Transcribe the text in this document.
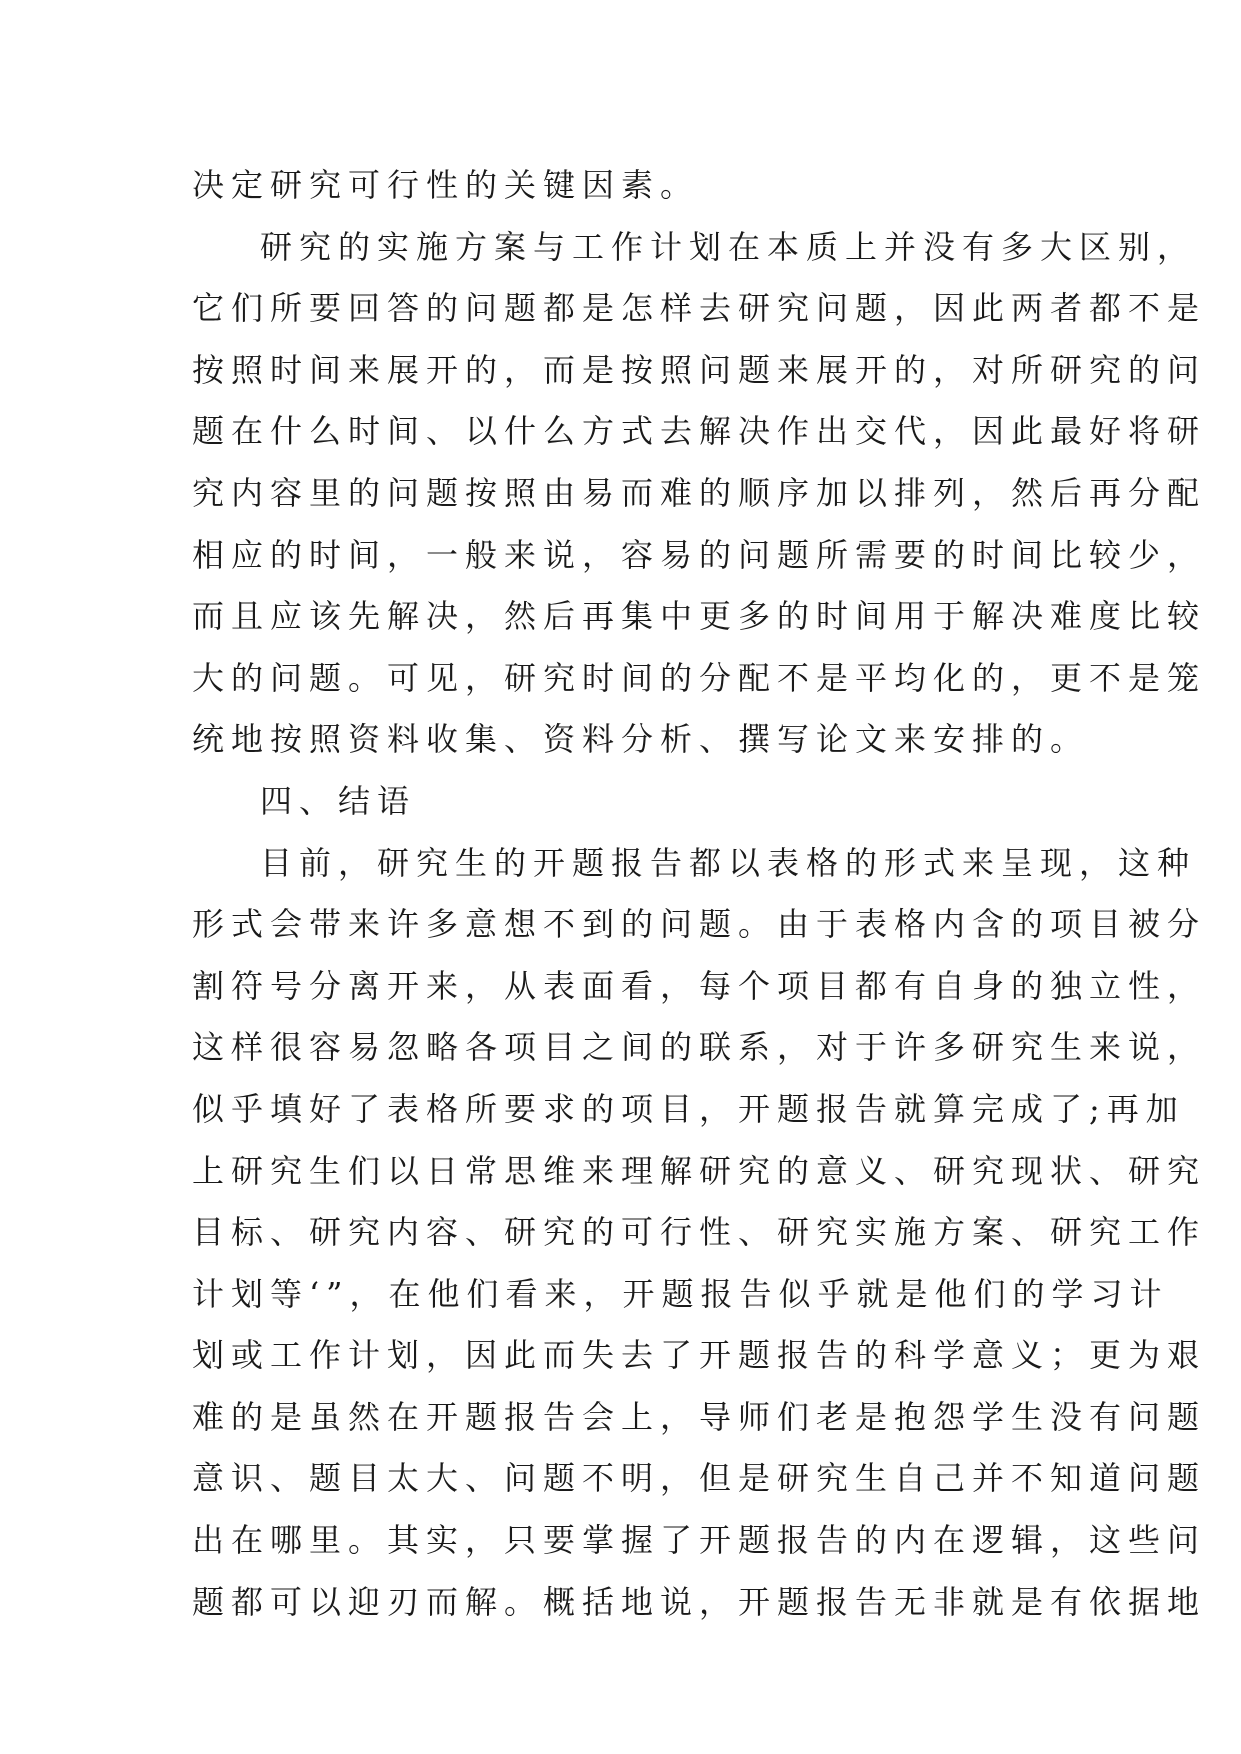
决定研究可行性的关键因素。
研究的实施方案与工作计划在本质上并没有多大区别，
它们所要回答的问题都是怎样去研究问题，因此两者都不是
按照时间来展开的，而是按照问题来展开的，对所研究的问
题在什么时间、以什么方式去解决作出交代，因此最好将研
究内容里的问题按照由易而难的顺序加以排列，然后再分配
相应的时间，一般来说，容易的问题所需要的时间比较少，
而且应该先解决，然后再集中更多的时间用于解决难度比较
大的问题。可见，研究时间的分配不是平均化的，更不是笼
统地按照资料收集、资料分析、撰写论文来安排的。
四、结语
目前，研究生的开题报告都以表格的形式来呈现，这种
形式会带来许多意想不到的问题。由于表格内含的项目被分
割符号分离开来，从表面看，每个项目都有自身的独立性，
这样很容易忽略各项目之间的联系，对于许多研究生来说，
似乎填好了表格所要求的项目，开题报告就算完成了;再加
上研究生们以日常思维来理解研究的意义、研究现状、研究
目标、研究内容、研究的可行性、研究实施方案、研究工作
计划等‘”，在他们看来，开题报告似乎就是他们的学习计
划或工作计划，因此而失去了开题报告的科学意义；更为艰
难的是虽然在开题报告会上，导师们老是抱怨学生没有问题
意识、题目太大、问题不明，但是研究生自己并不知道问题
出在哪里。其实，只要掌握了开题报告的内在逻辑，这些问
题都可以迎刃而解。概括地说，开题报告无非就是有依据地
